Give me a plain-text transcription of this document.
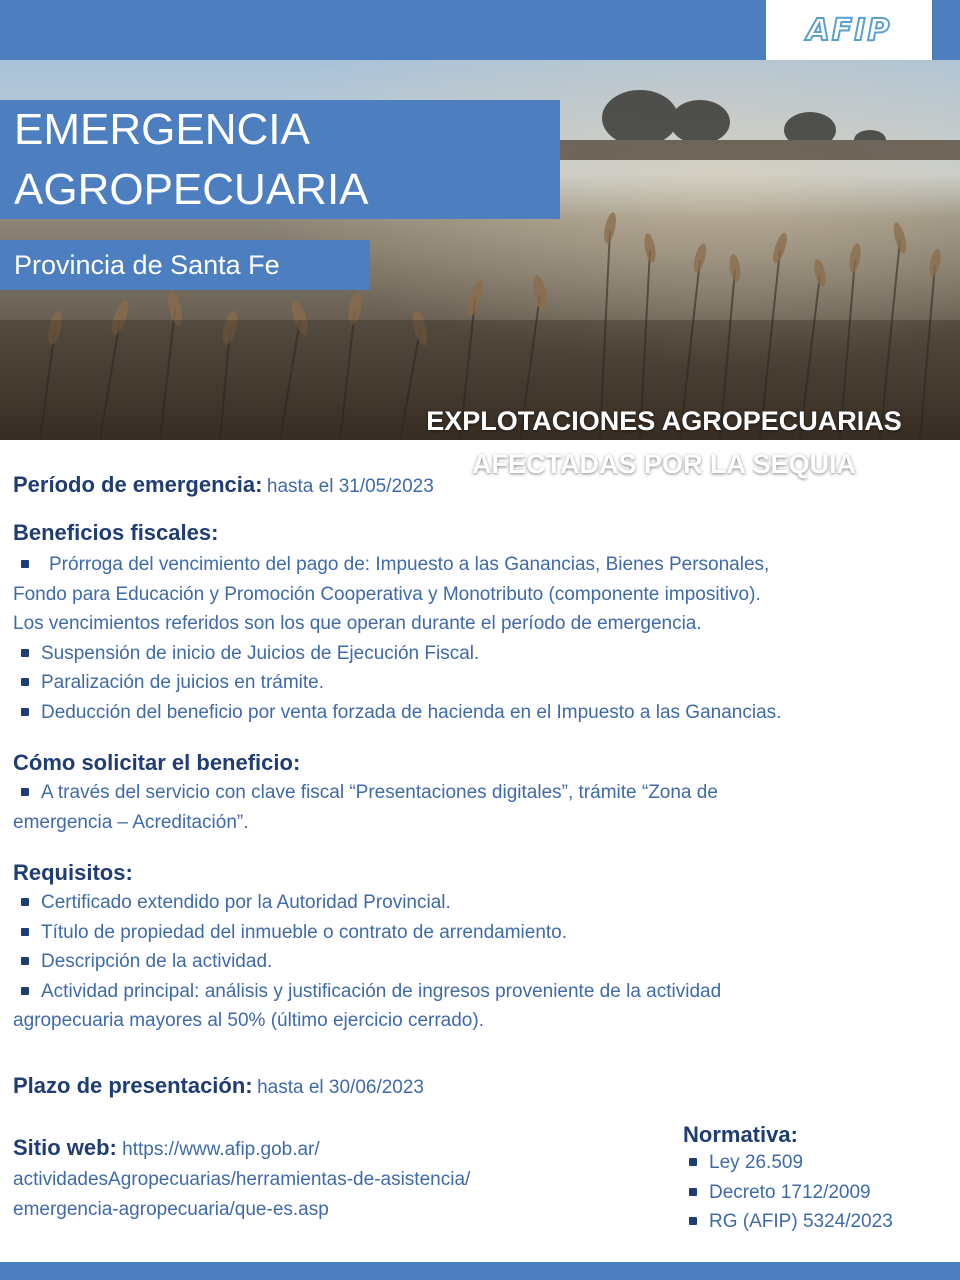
AFIP
EXPLOTACIONES AGROPECUARIAS
AFECTADAS POR LA SEQUIA
EMERGENCIA
AGROPECUARIA
Provincia de Santa Fe
Período de emergencia: hasta el 31/05/2023
Beneficios fiscales:
Prórroga del vencimiento del pago de: Impuesto a las Ganancias, Bienes Personales,
Fondo para Educación y Promoción Cooperativa y Monotributo (componente impositivo).
Los vencimientos referidos son los que operan durante el período de emergencia.
Suspensión de inicio de Juicios de Ejecución Fiscal.
Paralización de juicios en trámite.
Deducción del beneficio por venta forzada de hacienda en el Impuesto a las Ganancias.
Cómo solicitar el beneficio:
A través del servicio con clave fiscal “Presentaciones digitales”, trámite “Zona de
emergencia – Acreditación”.
Requisitos:
Certificado extendido por la Autoridad Provincial.
Título de propiedad del inmueble o contrato de arrendamiento.
Descripción de la actividad.
Actividad principal: análisis y justificación de ingresos proveniente de la actividad
agropecuaria mayores al 50% (último ejercicio cerrado).
Plazo de presentación: hasta el 30/06/2023
Sitio web: https://www.afip.gob.ar/
actividadesAgropecuarias/herramientas-de-asistencia/
emergencia-agropecuaria/que-es.asp
Normativa:
Ley 26.509
Decreto 1712/2009
RG (AFIP) 5324/2023
